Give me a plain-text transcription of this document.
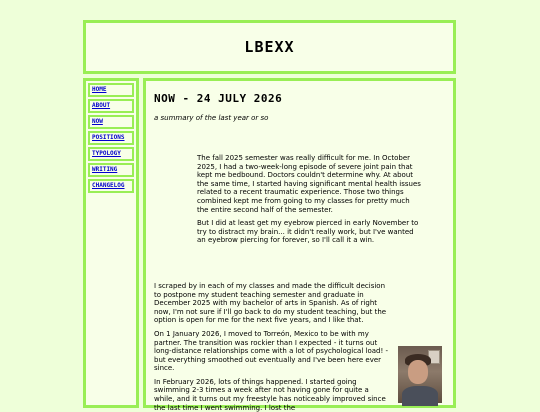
LBEXX
HOME
ABOUT
NOW
POSITIONS
TYPOLOGY
WRITING
CHANGELOG
NOW - 24 JULY 2026
a summary of the last year or so

The fall 2025 semester was really difficult for me. In October 2025, I had a two-week-long episode of severe joint pain that kept me bedbound. Doctors couldn't determine why. At about the same time, I started having significant mental health issues related to a recent traumatic experience. Those two things combined kept me from going to my classes for pretty much the entire second half of the semester.

But I did at least get my eyebrow pierced in early November to try to distract my brain... it didn't really work, but I've wanted an eyebrow piercing for forever, so I'll call it a win.

I scraped by in each of my classes and made the difficult decision to postpone my student teaching semester and graduate in December 2025 with my bachelor of arts in Spanish. As of right now, I'm not sure if I'll go back to do my student teaching, but the option is open for me for the next five years, and I like that.

On 1 January 2026, I moved to Torreón, Mexico to be with my partner. The transition was rockier than I expected - it turns out long-distance relationships come with a lot of psychological load! - but everything smoothed out eventually and I've been here ever since.

In February 2026, lots of things happened. I started going swimming 2-3 times a week after not having gone for quite a while, and it turns out my freestyle has noticeably improved since the last time I went swimming. I lost the
